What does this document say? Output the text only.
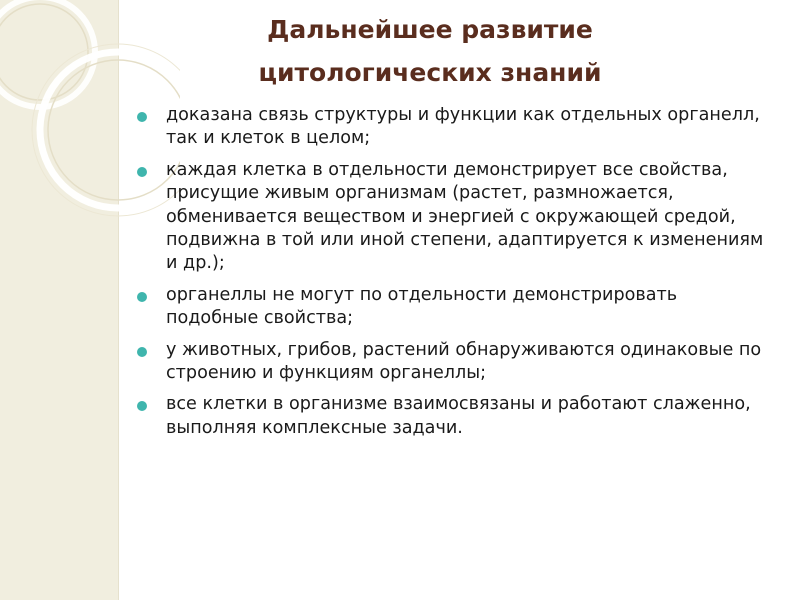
Дальнейшее развитие
цитологических знаний
доказана связь структуры и функции как отдельных органелл, так и клеток в целом;
каждая клетка в отдельности демонстрирует все свойства, присущие живым организмам (растет, размножается, обменивается веществом и энергией с окружающей средой, подвижна в той или иной степени, адаптируется к изменениям и др.);
органеллы не могут по отдельности демонстрировать подобные свойства;
у животных, грибов, растений обнаруживаются одинаковые по строению и функциям органеллы;
все клетки в организме взаимосвязаны и работают слаженно, выполняя комплексные задачи.
